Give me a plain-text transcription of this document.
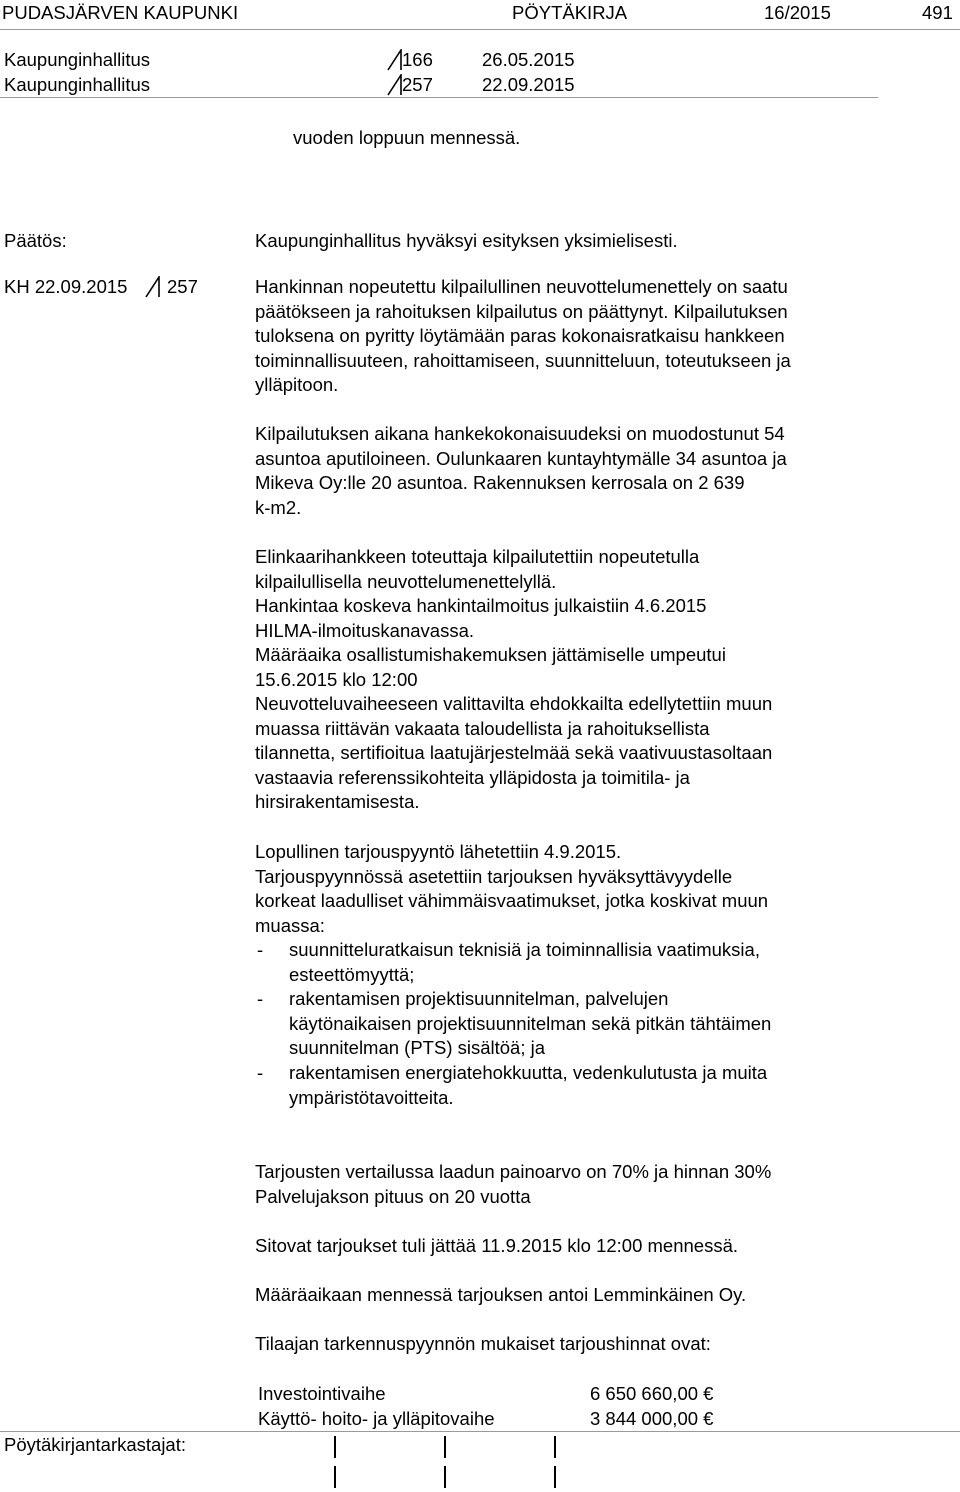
PUDASJÄRVEN KAUPUNKI	PÖYTÄKIRJA	16/2015	491
Kaupunginhallitus	166	26.05.2015
Kaupunginhallitus	257	22.09.2015
vuoden loppuun mennessä.
Päätös:	Kaupunginhallitus hyväksyi esityksen yksimielisesti.
KH 22.09.2015 257	Hankinnan nopeutettu kilpailullinen neuvottelumenettely on saatu
päätökseen ja rahoituksen kilpailutus on päättynyt. Kilpailutuksen
tuloksena on pyritty löytämään paras kokonaisratkaisu hankkeen
toiminnallisuuteen, rahoittamiseen, suunnitteluun, toteutukseen ja
ylläpitoon.
Kilpailutuksen aikana hankekokonaisuudeksi on muodostunut 54
asuntoa aputiloineen. Oulunkaaren kuntayhtymälle 34 asuntoa ja
Mikeva Oy:lle 20 asuntoa. Rakennuksen kerrosala on 2 639
k-m2.
Elinkaarihankkeen toteuttaja kilpailutettiin nopeutetulla
kilpailullisella neuvottelumenettelyllä.
Hankintaa koskeva hankintailmoitus julkaistiin 4.6.2015
HILMA-ilmoituskanavassa.
Määräaika osallistumishakemuksen jättämiselle umpeutui
15.6.2015 klo 12:00
Neuvotteluvaiheeseen valittavilta ehdokkailta edellytettiin muun
muassa riittävän vakaata taloudellista ja rahoituksellista
tilannetta, sertifioitua laatujärjestelmää sekä vaativuustasoltaan
vastaavia referenssikohteita ylläpidosta ja toimitila- ja
hirsirakentamisesta.
Lopullinen tarjouspyyntö lähetettiin 4.9.2015.
Tarjouspyynnössä asetettiin tarjouksen hyväksyttävyydelle
korkeat laadulliset vähimmäisvaatimukset, jotka koskivat muun
muassa:
- suunnitteluratkaisun teknisiä ja toiminnallisia vaatimuksia,
esteettömyyttä;
- rakentamisen projektisuunnitelman, palvelujen
käytönaikaisen projektisuunnitelman sekä pitkän tähtäimen
suunnitelman (PTS) sisältöä; ja
- rakentamisen energiatehokkuutta, vedenkulutusta ja muita
ympäristötavoitteita.
Tarjousten vertailussa laadun painoarvo on 70% ja hinnan 30%
Palvelujakson pituus on 20 vuotta
Sitovat tarjoukset tuli jättää 11.9.2015 klo 12:00 mennessä.
Määräaikaan mennessä tarjouksen antoi Lemminkäinen Oy.
Tilaajan tarkennuspyynnön mukaiset tarjoushinnat ovat:
Investointivaihe	6 650 660,00 €
Käyttö- hoito- ja ylläpitovaihe	3 844 000,00 €
Pöytäkirjantarkastajat:
